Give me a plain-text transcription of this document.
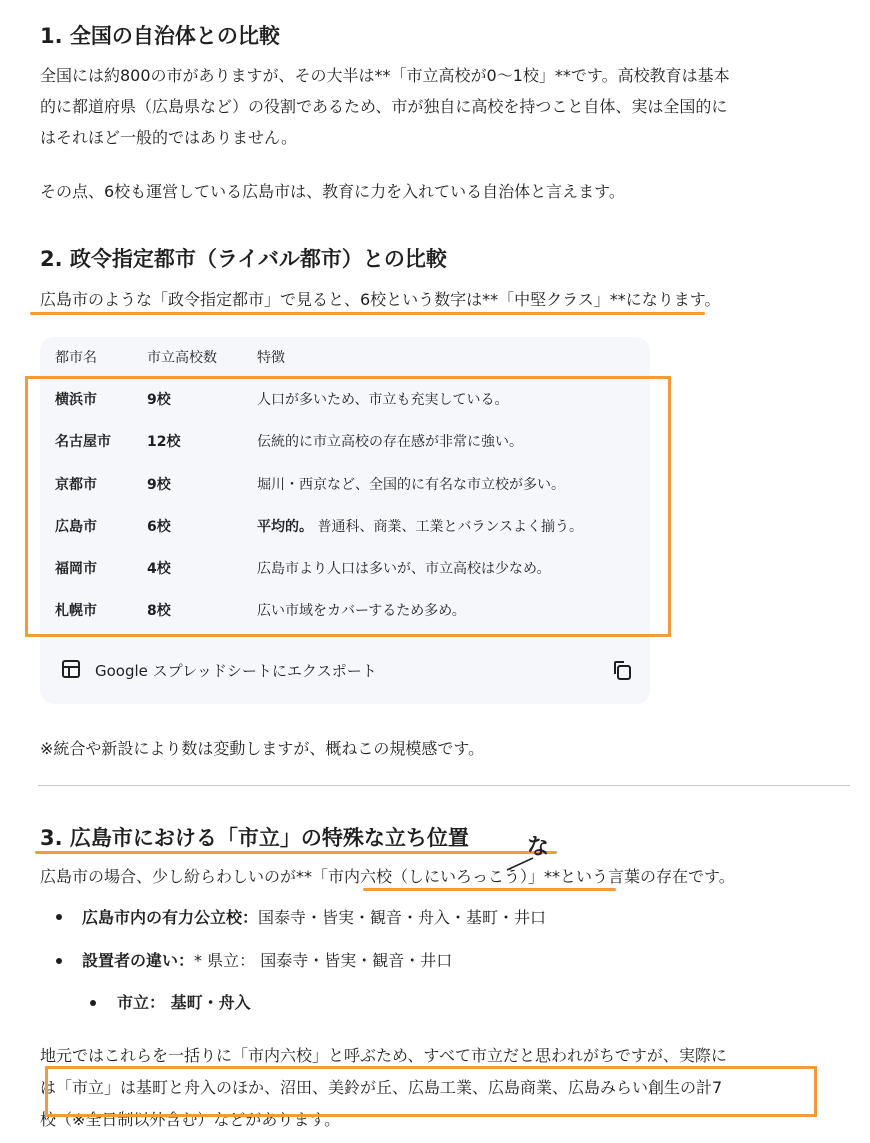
1. 全国の自治体との比較
全国には約800の市がありますが、その大半は**「市立高校が0〜1校」**です。高校教育は基本
的に都道府県（広島県など）の役割であるため、市が独自に高校を持つこと自体、実は全国的に
はそれほど一般的ではありません。
その点、6校も運営している広島市は、教育に力を入れている自治体と言えます。
2. 政令指定都市（ライバル都市）との比較
広島市のような「政令指定都市」で見ると、6校という数字は**「中堅クラス」**になります。
都市名	市立高校数	特徴
横浜市	9校	人口が多いため、市立も充実している。
名古屋市	12校	伝統的に市立高校の存在感が非常に強い。
京都市	9校	堀川・西京など、全国的に有名な市立校が多い。
広島市	6校	平均的。 普通科、商業、工業とバランスよく揃う。
福岡市	4校	広島市より人口は多いが、市立高校は少なめ。
札幌市	8校	広い市域をカバーするため多め。
Google スプレッドシートにエクスポート
※統合や新設により数は変動しますが、概ねこの規模感です。
3. 広島市における「市立」の特殊な立ち位置	な
広島市の場合、少し紛らわしいのが**「市内六校（しにいろっこう）」**という言葉の存在です。
広島市内の有力公立校：国泰寺・皆実・観音・舟入・基町・井口
設置者の違い：* 県立： 国泰寺・皆実・観音・井口
市立： 基町・舟入
地元ではこれらを一括りに「市内六校」と呼ぶため、すべて市立だと思われがちですが、実際に
は「市立」は基町と舟入のほか、沼田、美鈴が丘、広島工業、広島商業、広島みらい創生の計7
校（※全日制以外含む）などがあります。
